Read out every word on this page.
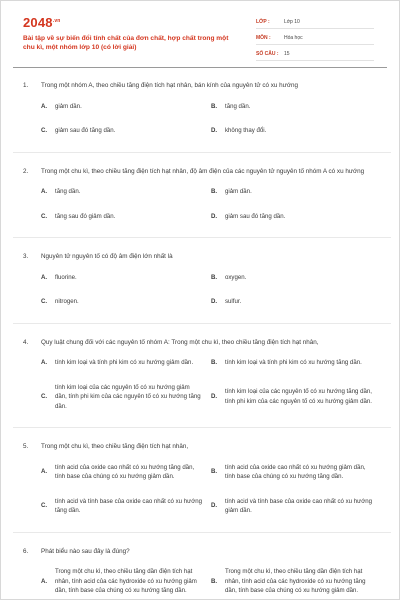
$2048^{.vn}$
Bài tập về sự biến đổi tính chất của đơn chất, hợp chất trong một chu kì, một nhóm lớp 10 (có lời giải)
LỚP :	Lớp 10
MÔN :	Hóa học
SỐ CÂU :	15
1.	Trong một nhóm A, theo chiều tăng điện tích hạt nhân, bán kính của nguyên tử có xu hướng
A.	giảm dần.	B.	tăng dần.
C.	giảm sau đó tăng dần.	D.	không thay đổi.
2.	Trong một chu kì, theo chiều tăng điện tích hạt nhân, độ âm điện của các nguyên tử nguyên tố nhóm A có xu hướng
A.	tăng dần.	B.	giảm dần.
C.	tăng sau đó giảm dần.	D.	giảm sau đó tăng dần.
3.	Nguyên tử nguyên tố có độ âm điện lớn nhất là
A.	fluorine.	B.	oxygen.
C.	nitrogen.	D.	sulfur.
4.	Quy luật chung đối với các nguyên tố nhóm A: Trong một chu kì, theo chiều tăng điện tích hạt nhân,
A.	tính kim loại và tính phi kim có xu hướng giảm dần.	B.	tính kim loại và tính phi kim có xu hướng tăng dần.
C.
tính kim loại của các nguyên tố có xu hướng giảm dần, tính phi kim của các nguyên tố có xu hướng tăng dần.
D.
tính kim loại của các nguyên tố có xu hướng tăng dần, tính phi kim của các nguyên tố có xu hướng giảm dần.
5.	Trong một chu kì, theo chiều tăng điện tích hạt nhân,
A.
tính acid của oxide cao nhất có xu hướng tăng dần, tính base của chúng có xu hướng giảm dần.
B.
tính acid của oxide cao nhất có xu hướng giảm dần, tính base của chúng có xu hướng tăng dần.
C.
tính acid và tính base của oxide cao nhất có xu hướng tăng dần.
D.
tính acid và tính base của oxide cao nhất có xu hướng giảm dần.
6.	Phát biểu nào sau đây là đúng?
A.
Trong một chu kì, theo chiều tăng dần điện tích hạt nhân, tính acid của các hydroxide có xu hướng giảm dần, tính base của chúng có xu hướng tăng dần.
B.
Trong một chu kì, theo chiều tăng dần điện tích hạt nhân, tính acid của các hydroxide có xu hướng tăng dần, tính base của chúng có xu hướng giảm dần.
